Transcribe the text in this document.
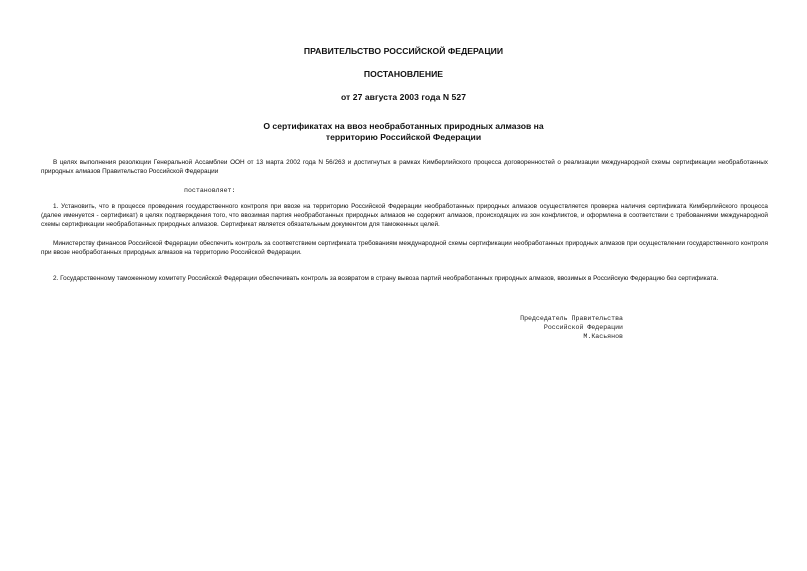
ПРАВИТЕЛЬСТВО РОССИЙСКОЙ ФЕДЕРАЦИИ
ПОСТАНОВЛЕНИЕ
от 27 августа 2003 года N 527
О сертификатах на ввоз необработанных природных алмазов на
территорию Российской Федерации

В целях выполнения резолюции Генеральной Ассамблеи ООН от 13 марта 2002 года N 56/263 и достигнутых в рамках Кимберлийского процесса договоренностей о реализации международной схемы сертификации необработанных природных алмазов Правительство Российской Федерации

постановляет:

1. Установить, что в процессе проведения государственного контроля при ввозе на территорию Российской Федерации необработанных природных алмазов осуществляется проверка наличия сертификата Кимберлийского процесса (далее именуется - сертификат) в целях подтверждения того, что ввозимая партия необработанных природных алмазов не содержит алмазов, происходящих из зон конфликтов, и оформлена в соответствии с требованиями международной схемы сертификации необработанных природных алмазов. Сертификат является обязательным документом для таможенных целей.

Министерству финансов Российской Федерации обеспечить контроль за соответствием сертификата требованиям международной схемы сертификации необработанных природных алмазов при осуществлении государственного контроля при ввозе необработанных природных алмазов на территорию Российской Федерации.

2. Государственному таможенному комитету Российской Федерации обеспечивать контроль за возвратом в страну вывоза партий необработанных природных алмазов, ввозимых в Российскую Федерацию без сертификата.

Председатель Правительства
Российской Федерации
М.Касьянов
